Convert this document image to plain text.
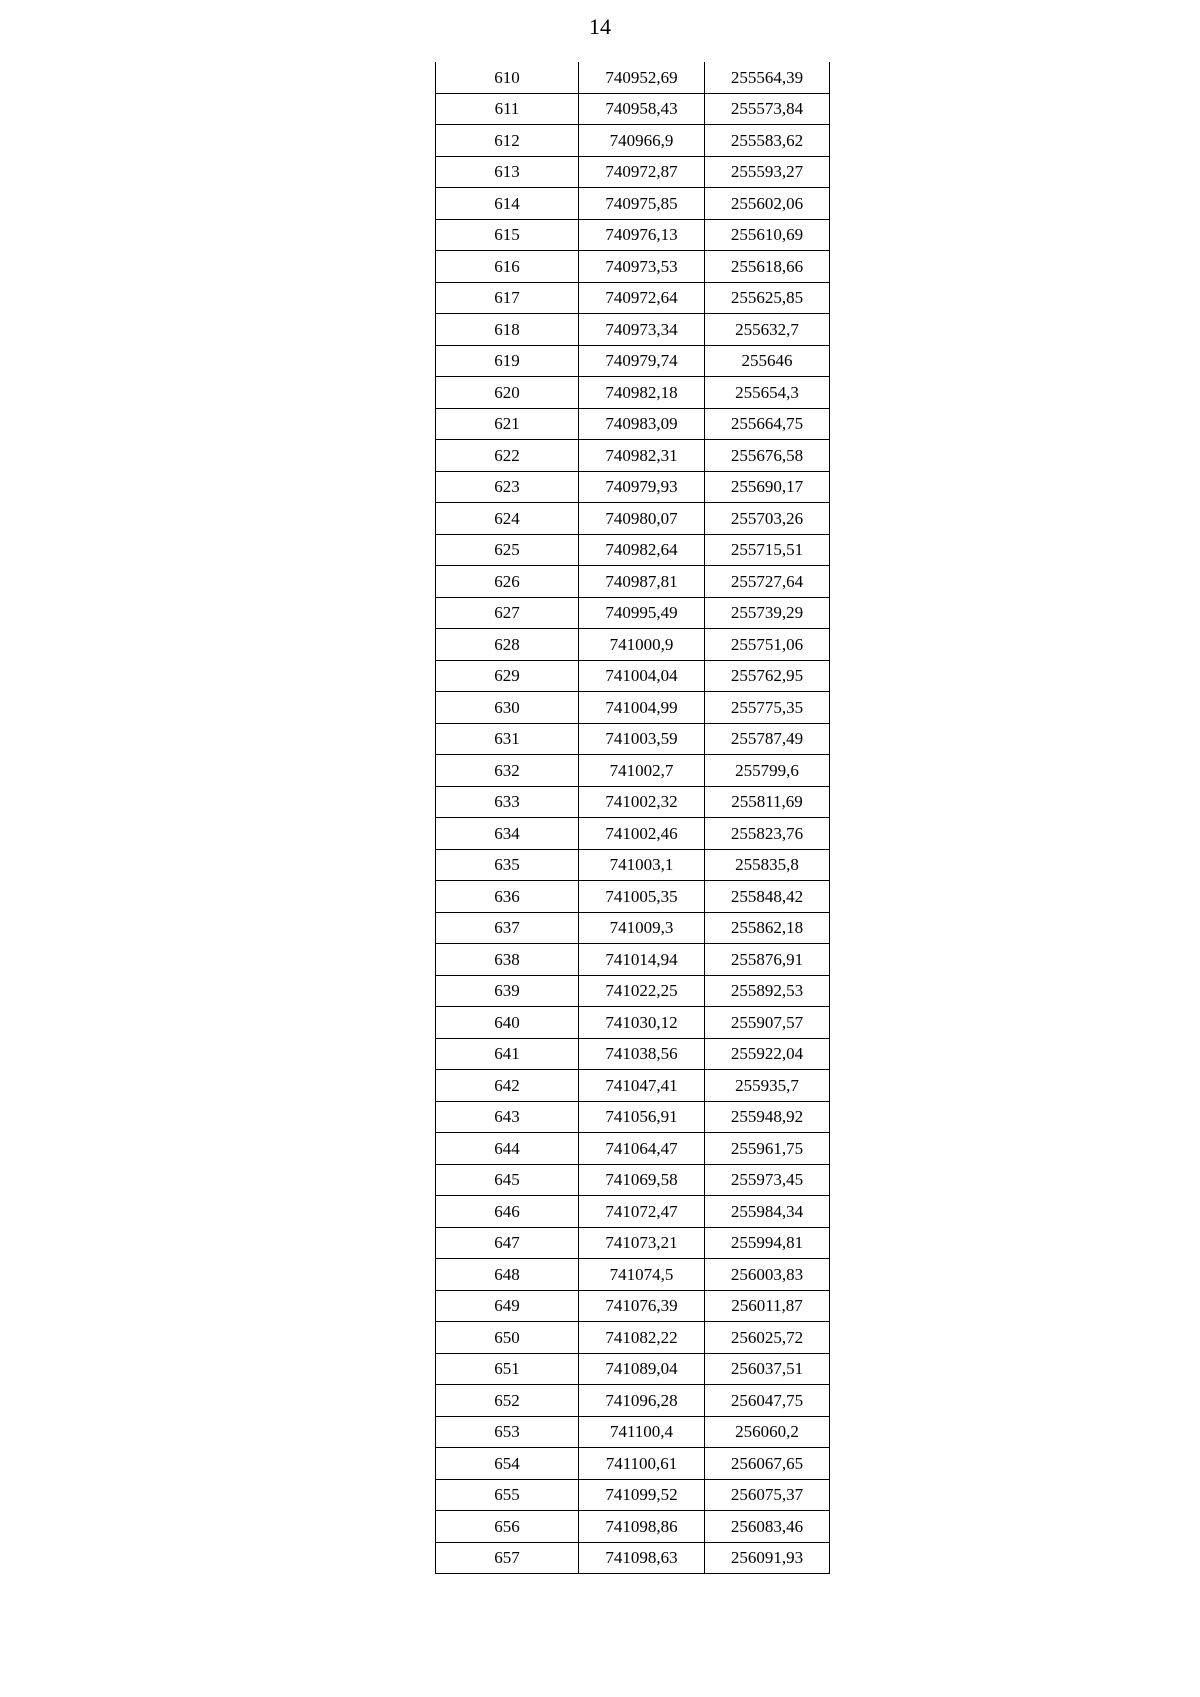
14
610	740952,69	255564,39
611	740958,43	255573,84
612	740966,9	255583,62
613	740972,87	255593,27
614	740975,85	255602,06
615	740976,13	255610,69
616	740973,53	255618,66
617	740972,64	255625,85
618	740973,34	255632,7
619	740979,74	255646
620	740982,18	255654,3
621	740983,09	255664,75
622	740982,31	255676,58
623	740979,93	255690,17
624	740980,07	255703,26
625	740982,64	255715,51
626	740987,81	255727,64
627	740995,49	255739,29
628	741000,9	255751,06
629	741004,04	255762,95
630	741004,99	255775,35
631	741003,59	255787,49
632	741002,7	255799,6
633	741002,32	255811,69
634	741002,46	255823,76
635	741003,1	255835,8
636	741005,35	255848,42
637	741009,3	255862,18
638	741014,94	255876,91
639	741022,25	255892,53
640	741030,12	255907,57
641	741038,56	255922,04
642	741047,41	255935,7
643	741056,91	255948,92
644	741064,47	255961,75
645	741069,58	255973,45
646	741072,47	255984,34
647	741073,21	255994,81
648	741074,5	256003,83
649	741076,39	256011,87
650	741082,22	256025,72
651	741089,04	256037,51
652	741096,28	256047,75
653	741100,4	256060,2
654	741100,61	256067,65
655	741099,52	256075,37
656	741098,86	256083,46
657	741098,63	256091,93
